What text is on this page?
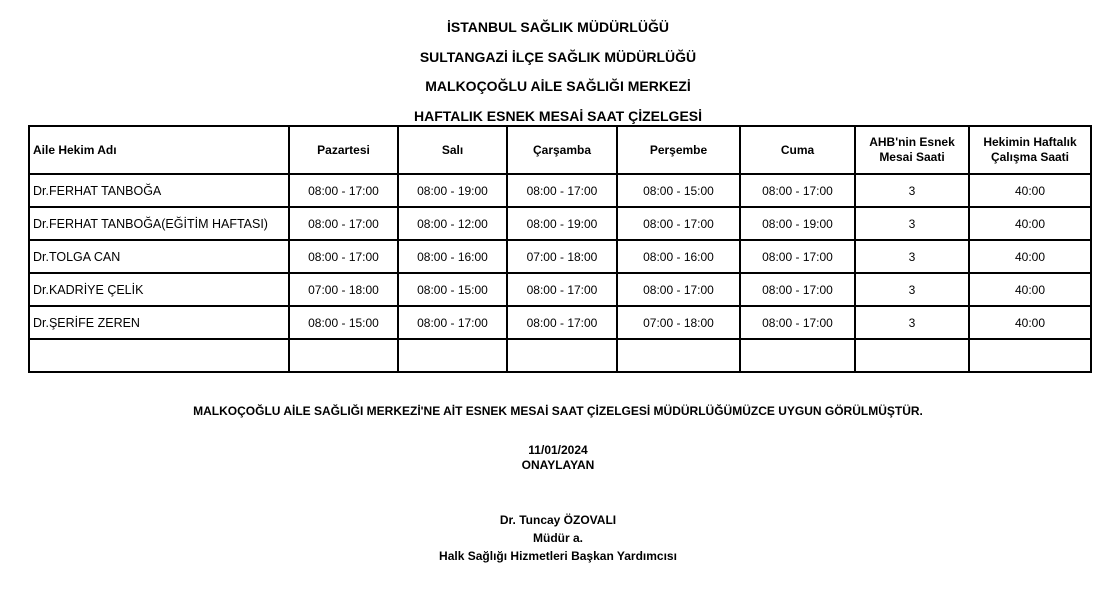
İSTANBUL SAĞLIK MÜDÜRLÜĞÜ
SULTANGAZİ İLÇE SAĞLIK MÜDÜRLÜĞÜ
MALKOÇOĞLU AİLE SAĞLIĞI MERKEZİ
HAFTALIK ESNEK MESAİ SAAT ÇİZELGESİ
Aile Hekim Adı	Pazartesi	Salı	Çarşamba	Perşembe	Cuma	AHB'nin Esnek Mesai Saati	Hekimin Haftalık Çalışma Saati
Dr.FERHAT TANBOĞA	08:00 - 17:00	08:00 - 19:00	08:00 - 17:00	08:00 - 15:00	08:00 - 17:00	3	40:00
Dr.FERHAT TANBOĞA(EĞİTİM HAFTASI)	08:00 - 17:00	08:00 - 12:00	08:00 - 19:00	08:00 - 17:00	08:00 - 19:00	3	40:00
Dr.TOLGA CAN	08:00 - 17:00	08:00 - 16:00	07:00 - 18:00	08:00 - 16:00	08:00 - 17:00	3	40:00
Dr.KADRİYE ÇELİK	07:00 - 18:00	08:00 - 15:00	08:00 - 17:00	08:00 - 17:00	08:00 - 17:00	3	40:00
Dr.ŞERİFE ZEREN	08:00 - 15:00	08:00 - 17:00	08:00 - 17:00	07:00 - 18:00	08:00 - 17:00	3	40:00

MALKOÇOĞLU AİLE SAĞLIĞI MERKEZİ'NE AİT ESNEK MESAİ SAAT ÇİZELGESİ MÜDÜRLÜĞÜMÜZCE UYGUN GÖRÜLMÜŞTÜR.
11/01/2024
ONAYLAYAN
Dr. Tuncay ÖZOVALI
Müdür a.
Halk Sağlığı Hizmetleri Başkan Yardımcısı
